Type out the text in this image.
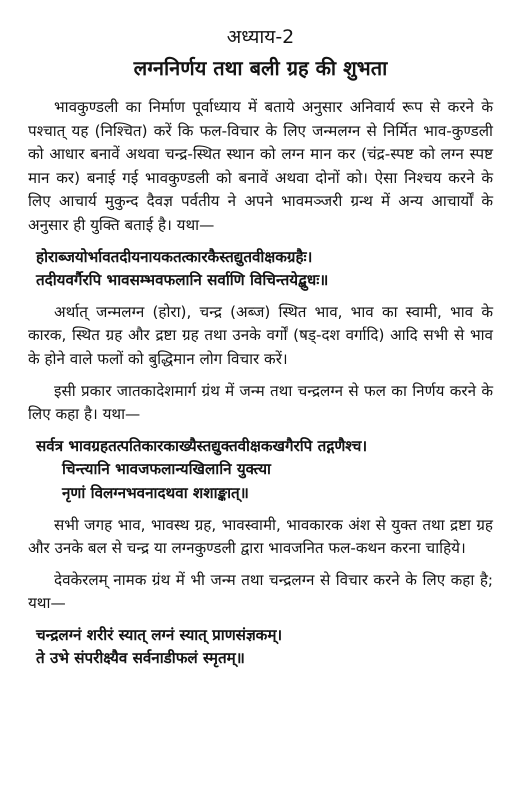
अध्याय-2

लग्ननिर्णय तथा बली ग्रह की शुभता

भावकुण्डली का निर्माण पूर्वाध्याय में बताये अनुसार अनिवार्य रूप से करने के पश्चात् यह (निश्चित) करें कि फल-विचार के लिए जन्मलग्न से निर्मित भाव-कुण्डली को आधार बनावें अथवा चन्द्र-स्थित स्थान को लग्न मान कर (चंद्र-स्पष्ट को लग्न स्पष्ट मान कर) बनाई गई भावकुण्डली को बनावें अथवा दोनों को। ऐसा निश्चय करने के लिए आचार्य मुकुन्द दैवज्ञ पर्वतीय ने अपने भावमञ्जरी ग्रन्थ में अन्य आचार्यों के अनुसार ही युक्ति बताई है। यथा—

होराब्जयोर्भावतदीयनायकतत्कारकैस्तद्युतवीक्षकग्रहैः।
तदीयवर्गैरपि भावसम्भवफलानि सर्वाणि विचिन्तयेद्बुधः॥

अर्थात् जन्मलग्न (होरा), चन्द्र (अब्ज) स्थित भाव, भाव का स्वामी, भाव के कारक, स्थित ग्रह और द्रष्टा ग्रह तथा उनके वर्गों (षड्-दश वर्गादि) आदि सभी से भाव के होने वाले फलों को बुद्धिमान लोग विचार करें।

इसी प्रकार जातकादेशमार्ग ग्रंथ में जन्म तथा चन्द्रलग्न से फल का निर्णय करने के लिए कहा है। यथा—

सर्वत्र भावग्रहतत्पतिकारकाख्यैस्तद्युक्तवीक्षकखगैरपि तद्गणैश्च।
चिन्त्यानि भावजफलान्यखिलानि युक्त्या
नृणां विलग्नभवनादथवा शशाङ्कात्॥

सभी जगह भाव, भावस्थ ग्रह, भावस्वामी, भावकारक अंश से युक्त तथा द्रष्टा ग्रह और उनके बल से चन्द्र या लग्नकुण्डली द्वारा भावजनित फल-कथन करना चाहिये।

देवकेरलम् नामक ग्रंथ में भी जन्म तथा चन्द्रलग्न से विचार करने के लिए कहा है; यथा—

चन्द्रलग्नं शरीरं स्यात् लग्नं स्यात् प्राणसंज्ञकम्।
ते उभे संपरीक्ष्यैव सर्वनाडीफलं स्मृतम्॥
